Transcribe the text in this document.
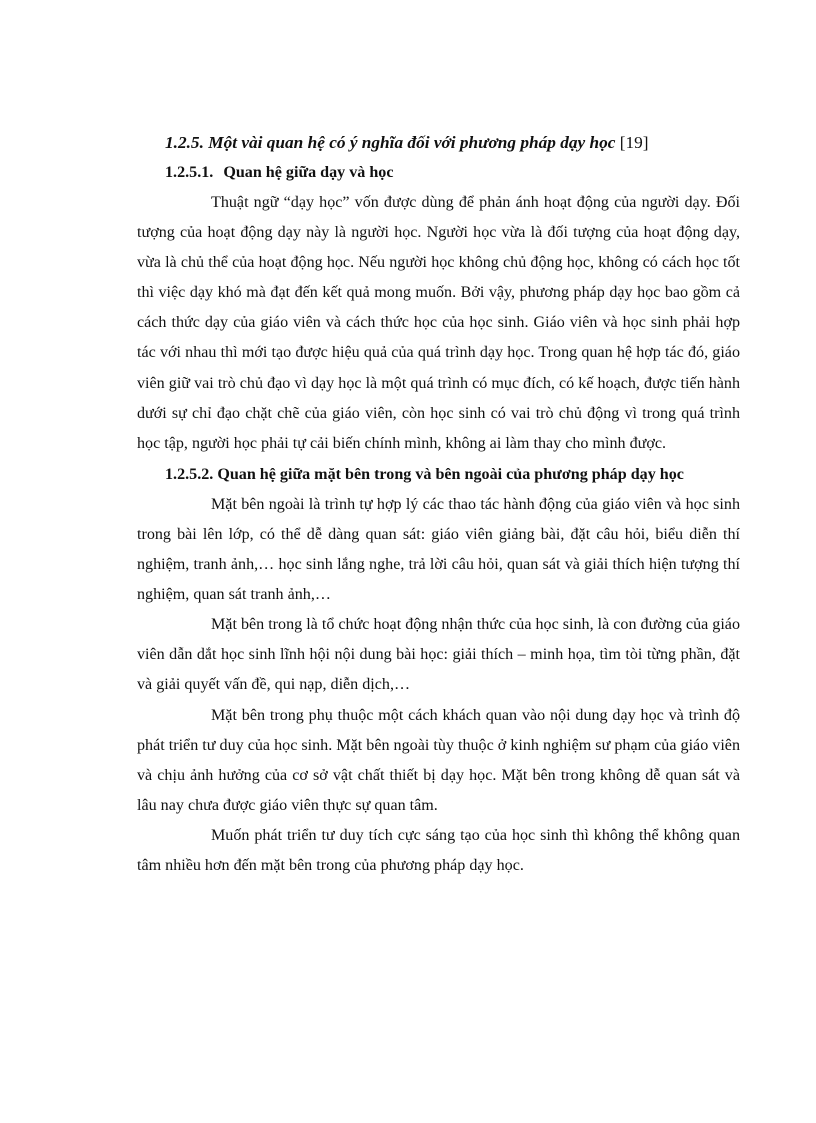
1.2.5. Một vài quan hệ có ý nghĩa đối với phương pháp dạy học [19]
1.2.5.1. Quan hệ giữa dạy và học

Thuật ngữ “dạy học” vốn được dùng để phản ánh hoạt động của người dạy. Đối tượng của hoạt động dạy này là người học. Người học vừa là đối tượng của hoạt động dạy, vừa là chủ thể của hoạt động học. Nếu người học không chủ động học, không có cách học tốt thì việc dạy khó mà đạt đến kết quả mong muốn. Bởi vậy, phương pháp dạy học bao gồm cả cách thức dạy của giáo viên và cách thức học của học sinh. Giáo viên và học sinh phải hợp tác với nhau thì mới tạo được hiệu quả của quá trình dạy học. Trong quan hệ hợp tác đó, giáo viên giữ vai trò chủ đạo vì dạy học là một quá trình có mục đích, có kế hoạch, được tiến hành dưới sự chỉ đạo chặt chẽ của giáo viên, còn học sinh có vai trò chủ động vì trong quá trình học tập, người học phải tự cải biến chính mình, không ai làm thay cho mình được.

1.2.5.2. Quan hệ giữa mặt bên trong và bên ngoài của phương pháp dạy học

Mặt bên ngoài là trình tự hợp lý các thao tác hành động của giáo viên và học sinh trong bài lên lớp, có thể dễ dàng quan sát: giáo viên giảng bài, đặt câu hỏi, biểu diễn thí nghiệm, tranh ảnh,… học sinh lắng nghe, trả lời câu hỏi, quan sát và giải thích hiện tượng thí nghiệm, quan sát tranh ảnh,…

Mặt bên trong là tổ chức hoạt động nhận thức của học sinh, là con đường của giáo viên dẫn dắt học sinh lĩnh hội nội dung bài học: giải thích – minh họa, tìm tòi từng phần, đặt và giải quyết vấn đề, qui nạp, diễn dịch,…

Mặt bên trong phụ thuộc một cách khách quan vào nội dung dạy học và trình độ phát triển tư duy của học sinh. Mặt bên ngoài tùy thuộc ở kinh nghiệm sư phạm của giáo viên và chịu ảnh hưởng của cơ sở vật chất thiết bị dạy học. Mặt bên trong không dễ quan sát và lâu nay chưa được giáo viên thực sự quan tâm.

Muốn phát triển tư duy tích cực sáng tạo của học sinh thì không thể không quan tâm nhiều hơn đến mặt bên trong của phương pháp dạy học.
